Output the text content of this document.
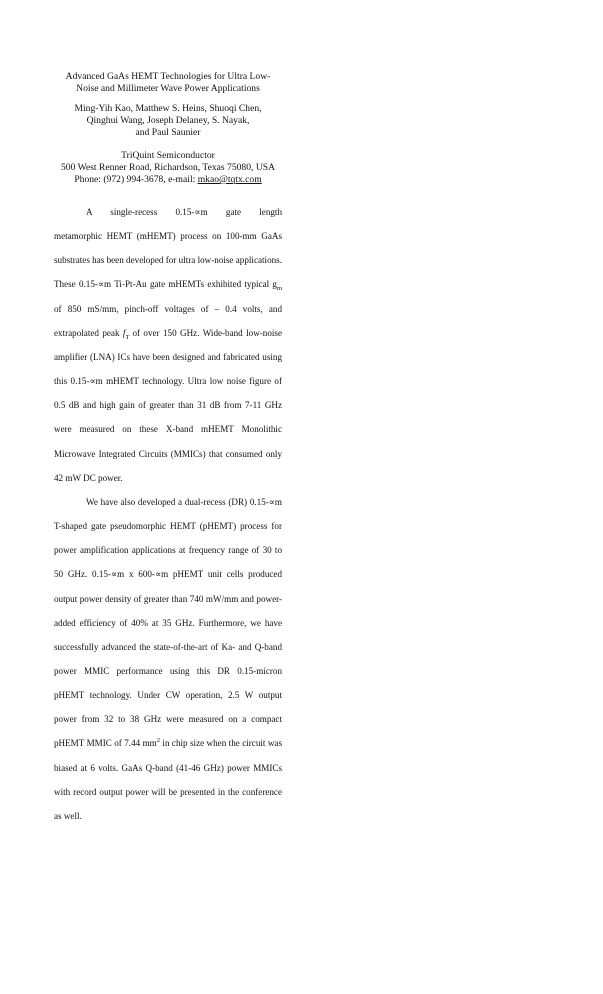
Advanced GaAs HEMT Technologies for Ultra Low-
Noise and Millimeter Wave Power Applications
Ming-Yih Kao, Matthew S. Heins, Shuoqi Chen,
Qinghui Wang, Joseph Delaney, S. Nayak,
and Paul Saunier
TriQuint Semiconductor
500 West Renner Road, Richardson, Texas 75080, USA
Phone: (972) 994-3678, e-mail: mkao@tqtx.com

A single-recess 0.15-∝m gate length
metamorphic HEMT (mHEMT) process on 100-mm GaAs substrates has been developed for ultra low-noise applications. These 0.15-∝m Ti-Pt-Au gate mHEMTs exhibited typical $g_m$ of 850 mS/mm, pinch-off voltages of – 0.4 volts, and extrapolated peak $f_T$ of over 150 GHz. Wide-band low-noise amplifier (LNA) ICs have been designed and fabricated using this 0.15-∝m mHEMT technology. Ultra low noise figure of 0.5 dB and high gain of greater than 31 dB from 7-11 GHz were measured on these X-band mHEMT Monolithic Microwave Integrated Circuits (MMICs) that consumed only 42 mW DC power.

We have also developed a dual-recess (DR) 0.15-∝m T-shaped gate pseudomorphic HEMT (pHEMT) process for power amplification applications at frequency range of 30 to 50 GHz. 0.15-∝m x 600-∝m pHEMT unit cells produced output power density of greater than 740 mW/mm and power-added efficiency of 40% at 35 GHz. Furthermore, we have successfully advanced the state-of-the-art of Ka- and Q-band power MMIC performance using this DR 0.15-micron pHEMT technology. Under CW operation, 2.5 W output power from 32 to 38 GHz were measured on a compact pHEMT MMIC of 7.44 $mm^2$ in chip size when the circuit was biased at 6 volts. GaAs Q-band (41-46 GHz) power MMICs with record output power will be presented in the conference as well.
